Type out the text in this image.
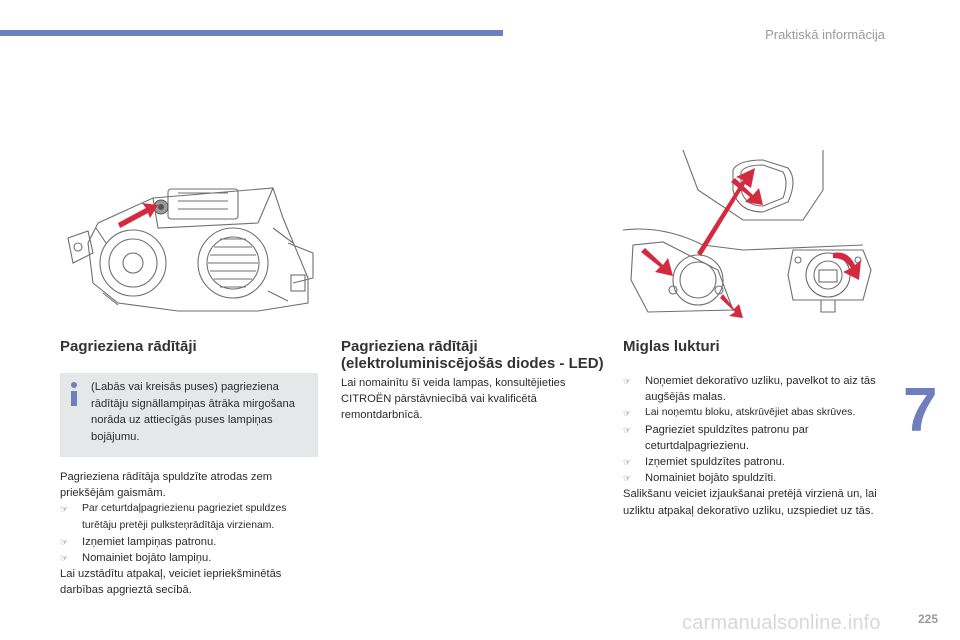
Praktiskā informācija
Pagrieziena rādītāji
(Labās vai kreisās puses) pagrieziena rādītāju signāllampiņas ātrāka mirgošana norāda uz attiecīgās puses lampiņas bojājumu.

Pagrieziena rādītāja spuldzīte atrodas zem priekšējām gaismām.

☞ Par ceturtdaļpagriezienu pagrieziet spuldzes turētāju pretēji pulksteņrādītāja virzienam.
☞ Izņemiet lampiņas patronu.
☞ Nomainiet bojāto lampiņu.

Lai uzstādītu atpakaļ, veiciet iepriekšminētās darbības apgrieztā secībā.

Pagrieziena rādītāji
(elektroluminiscējošās diodes - LED)
Lai nomainītu šī veida lampas, konsultējieties CITROËN pārstāvniecībā vai kvalificētā remontdarbnīcā.
Miglas lukturi
☞ Noņemiet dekoratīvo uzliku, pavelkot to aiz tās augšējās malas.
☞ Lai noņemtu bloku, atskrūvējiet abas skrūves.
☞ Pagrieziet spuldzītes patronu par ceturtdaļpagriezienu.
☞ Izņemiet spuldzītes patronu.
☞ Nomainiet bojāto spuldzīti.

Salikšanu veiciet izjaukšanai pretējā virzienā un, lai uzliktu atpakaļ dekoratīvo uzliku, uzspiediet uz tās.

7
carmanualsonline.info	225
